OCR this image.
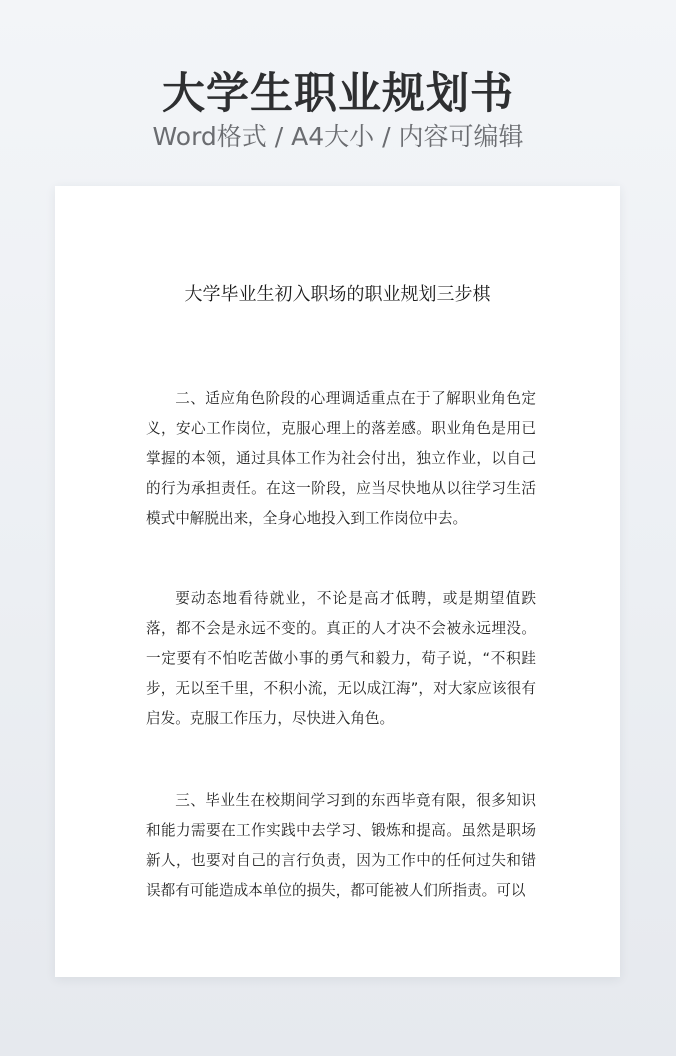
大学生职业规划书
Word格式 / A4大小 / 内容可编辑
大学毕业生初入职场的职业规划三步棋

二、适应角色阶段的心理调适重点在于了解职业角色定义，安心工作岗位，克服心理上的落差感。职业角色是用已掌握的本领，通过具体工作为社会付出，独立作业，以自己的行为承担责任。在这一阶段，应当尽快地从以往学习生活模式中解脱出来，全身心地投入到工作岗位中去。

要动态地看待就业，不论是高才低聘，或是期望值跌落，都不会是永远不变的。真正的人才决不会被永远埋没。一定要有不怕吃苦做小事的勇气和毅力，荀子说，“不积跬步，无以至千里，不积小流，无以成江海”，对大家应该很有启发。克服工作压力，尽快进入角色。

三、毕业生在校期间学习到的东西毕竟有限，很多知识和能力需要在工作实践中去学习、锻炼和提高。虽然是职场新人，也要对自己的言行负责，因为工作中的任何过失和错误都有可能造成本单位的损失，都可能被人们所指责。可以
